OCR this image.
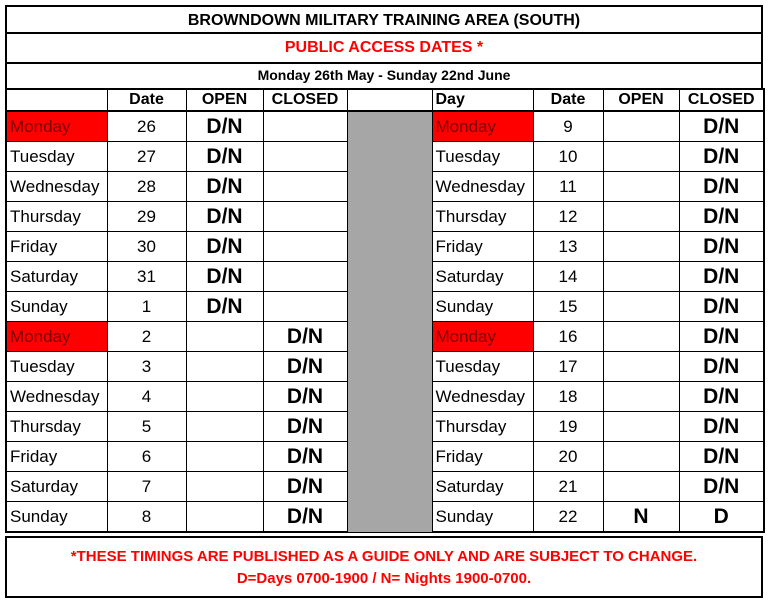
BROWNDOWN MILITARY TRAINING AREA (SOUTH)
PUBLIC ACCESS DATES *
Monday 26th May - Sunday 22nd June
	Date	OPEN	CLOSED		Day	Date	OPEN	CLOSED
Monday	26	D/N			Monday	9		D/N
Tuesday	27	D/N			Tuesday	10		D/N
Wednesday	28	D/N			Wednesday	11		D/N
Thursday	29	D/N			Thursday	12		D/N
Friday	30	D/N			Friday	13		D/N
Saturday	31	D/N			Saturday	14		D/N
Sunday	1	D/N			Sunday	15		D/N
Monday	2		D/N		Monday	16		D/N
Tuesday	3		D/N		Tuesday	17		D/N
Wednesday	4		D/N		Wednesday	18		D/N
Thursday	5		D/N		Thursday	19		D/N
Friday	6		D/N		Friday	20		D/N
Saturday	7		D/N		Saturday	21		D/N
Sunday	8		D/N		Sunday	22	N	D
*THESE TIMINGS ARE PUBLISHED AS A GUIDE ONLY AND ARE SUBJECT TO CHANGE.
D=Days 0700-1900 / N= Nights 1900-0700.
